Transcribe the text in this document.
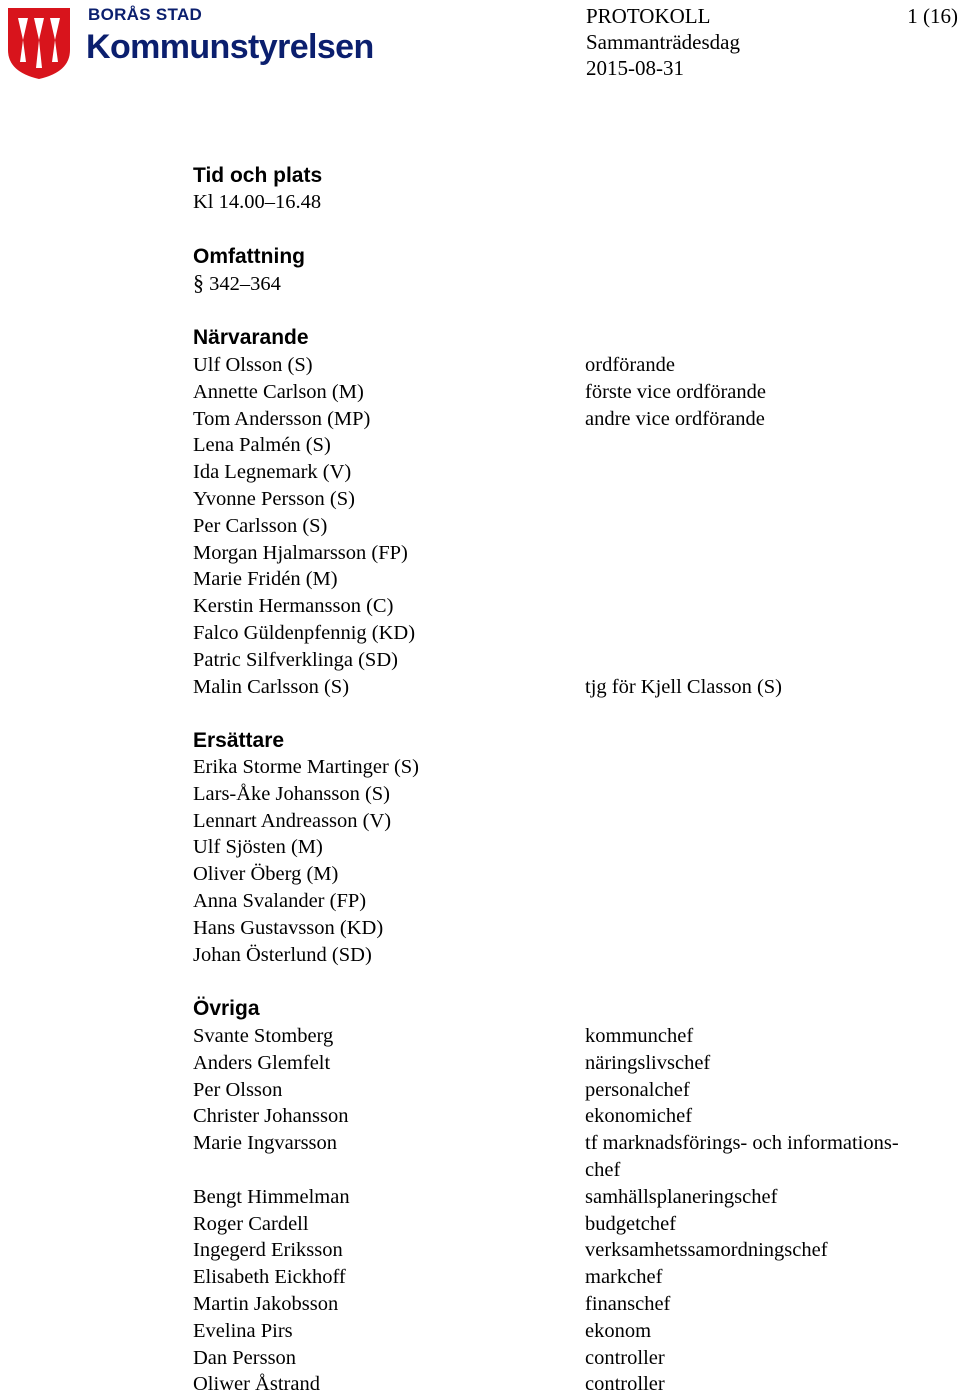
BORÅS STAD
Kommunstyrelsen
PROTOKOLL	1 (16)
Sammanträdesdag
2015-08-31
Tid och plats
Kl 14.00–16.48
Omfattning
§ 342–364
Närvarande
Ulf Olsson (S)
Annette Carlson (M)
Tom Andersson (MP)
Lena Palmén (S)
Ida Legnemark (V)
Yvonne Persson (S)
Per Carlsson (S)
Morgan Hjalmarsson (FP)
Marie Fridén (M)
Kerstin Hermansson (C)
Falco Güldenpfennig (KD)
Patric Silfverklinga (SD)
Malin Carlsson (S)
ordförande
förste vice ordförande
andre vice ordförande
tjg för Kjell Classon (S)
Ersättare
Erika Storme Martinger (S)
Lars-Åke Johansson (S)
Lennart Andreasson (V)
Ulf Sjösten (M)
Oliver Öberg (M)
Anna Svalander (FP)
Hans Gustavsson (KD)
Johan Österlund (SD)
Övriga
Svante Stomberg
Anders Glemfelt
Per Olsson
Christer Johansson
Marie Ingvarsson
Bengt Himmelman
Roger Cardell
Ingegerd Eriksson
Elisabeth Eickhoff
Martin Jakobsson
Evelina Pirs
Dan Persson
Oliwer Åstrand
kommunchef
näringslivschef
personalchef
ekonomichef
tf marknadsförings- och informations-
chef
samhällsplaneringschef
budgetchef
verksamhetssamordningschef
markchef
finanschef
ekonom
controller
controller
